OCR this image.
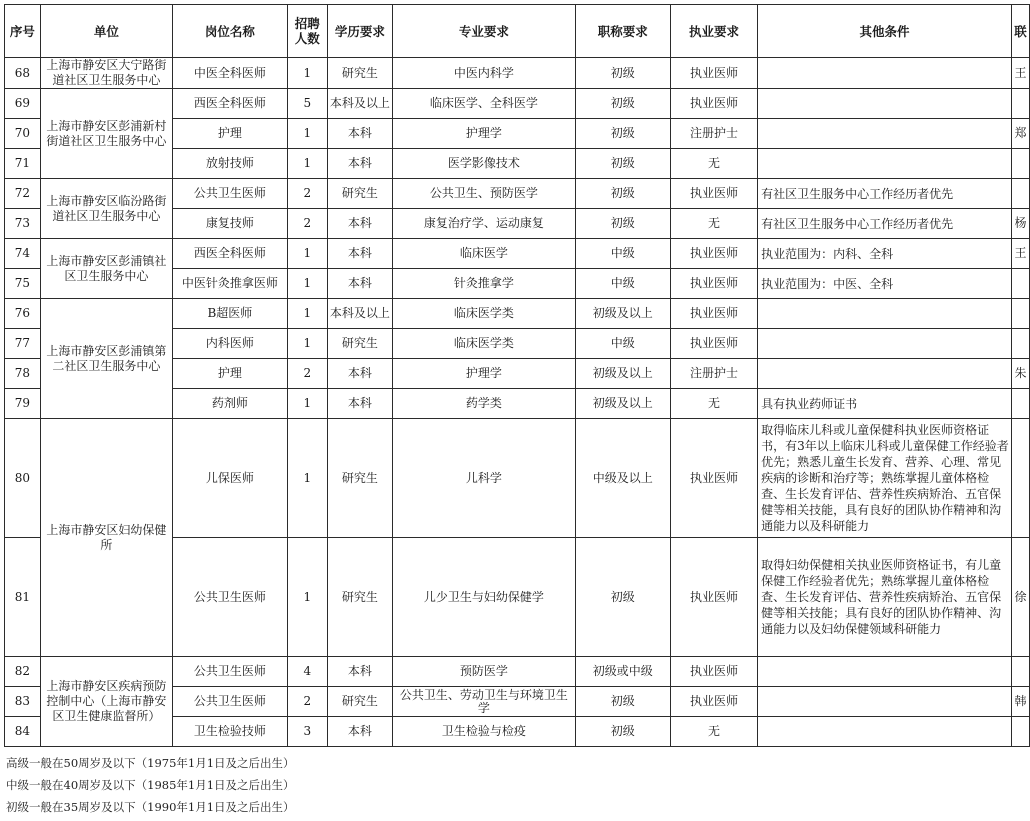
序号	单位	岗位名称	招聘人数	学历要求	专业要求	职称要求	执业要求	其他条件	联
68	上海市静安区大宁路街道社区卫生服务中心	中医全科医师	1	研究生	中医内科学	初级	执业医师		王
69	上海市静安区彭浦新村街道社区卫生服务中心	西医全科医师	5	本科及以上	临床医学、全科医学	初级	执业医师		
70		护理	1	本科	护理学	初级	注册护士		郑
71		放射技师	1	本科	医学影像技术	初级	无		
72	上海市静安区临汾路街道社区卫生服务中心	公共卫生医师	2	研究生	公共卫生、预防医学	初级	执业医师	有社区卫生服务中心工作经历者优先	
73		康复技师	2	本科	康复治疗学、运动康复	初级	无	有社区卫生服务中心工作经历者优先	杨
74	上海市静安区彭浦镇社区卫生服务中心	西医全科医师	1	本科	临床医学	中级	执业医师	执业范围为：内科、全科	王
75		中医针灸推拿医师	1	本科	针灸推拿学	中级	执业医师	执业范围为：中医、全科	
76	上海市静安区彭浦镇第二社区卫生服务中心	B超医师	1	本科及以上	临床医学类	初级及以上	执业医师		
77		内科医师	1	研究生	临床医学类	中级	执业医师		
78		护理	2	本科	护理学	初级及以上	注册护士		朱
79		药剂师	1	本科	药学类	初级及以上	无	具有执业药师证书	
80	上海市静安区妇幼保健所	儿保医师	1	研究生	儿科学	中级及以上	执业医师	取得临床儿科或儿童保健科执业医师资格证书，有3年以上临床儿科或儿童保健工作经验者优先；熟悉儿童生长发育、营养、心理、常见疾病的诊断和治疗等；熟练掌握儿童体格检查、生长发育评估、营养性疾病矫治、五官保健等相关技能，具有良好的团队协作精神和沟通能力以及科研能力	
81		公共卫生医师	1	研究生	儿少卫生与妇幼保健学	初级	执业医师	取得妇幼保健相关执业医师资格证书，有儿童保健工作经验者优先；熟练掌握儿童体格检查、生长发育评估、营养性疾病矫治、五官保健等相关技能；具有良好的团队协作精神、沟通能力以及妇幼保健领域科研能力	徐
82	上海市静安区疾病预防控制中心（上海市静安区卫生健康监督所）	公共卫生医师	4	本科	预防医学	初级或中级	执业医师		
83		公共卫生医师	2	研究生	公共卫生、劳动卫生与环境卫生学	初级	执业医师		韩
84		卫生检验技师	3	本科	卫生检验与检疫	初级	无		
高级一般在50周岁及以下（1975年1月1日及之后出生）
中级一般在40周岁及以下（1985年1月1日及之后出生）
初级一般在35周岁及以下（1990年1月1日及之后出生）
